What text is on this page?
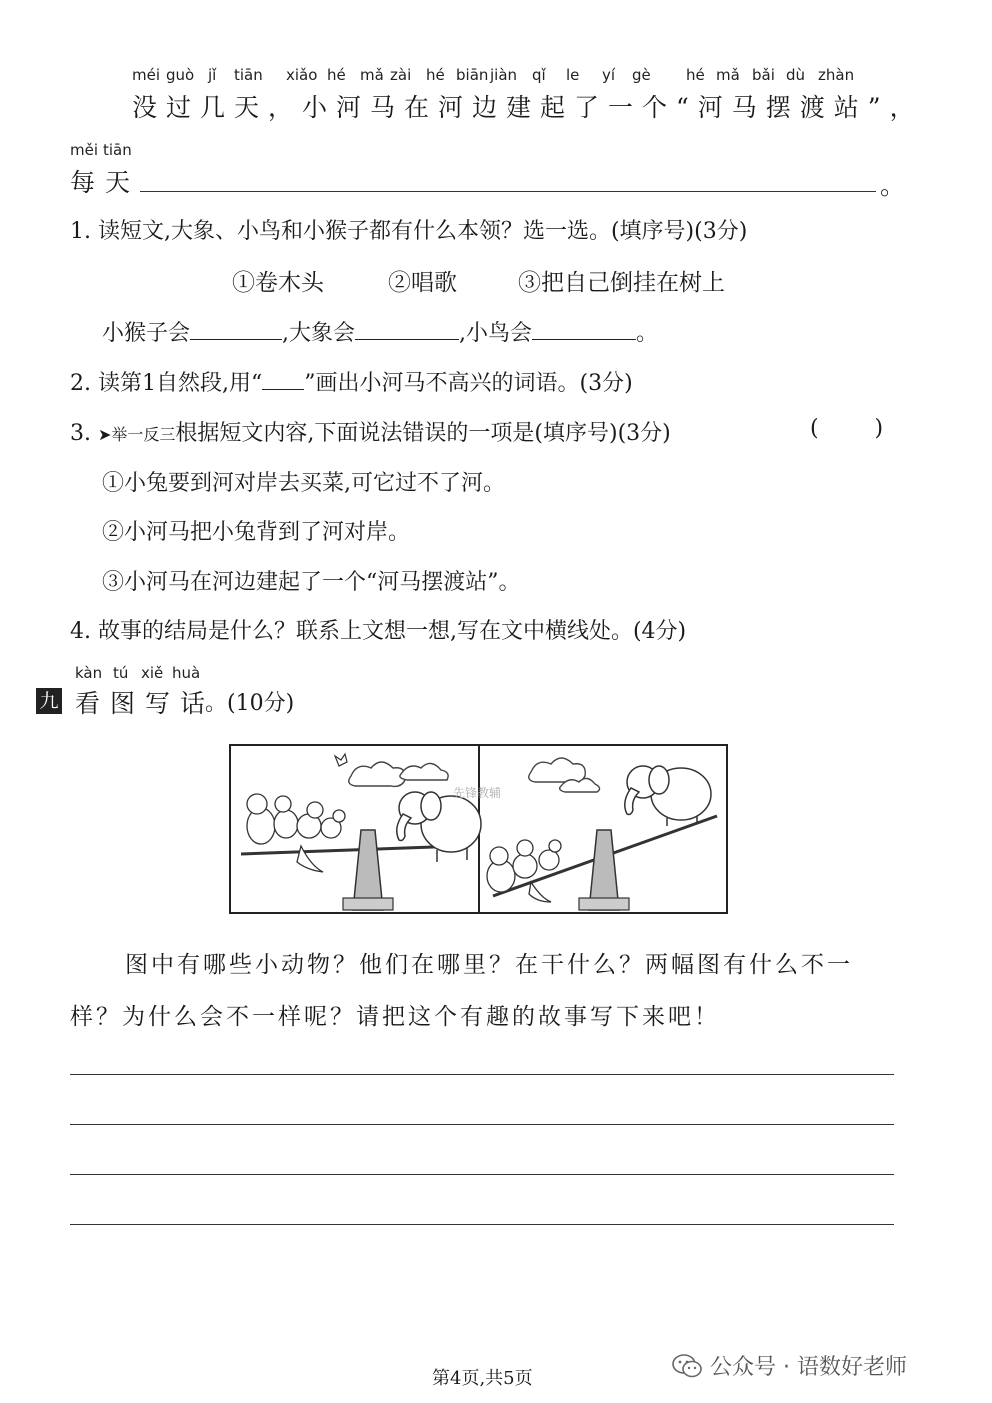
méi guò jǐ tiān xiǎo hé mǎ zài hé biān jiàn qǐ le yí gè hé mǎ bǎi dù zhàn
没过几天，小河马在河边建起了一个“河马摆渡站”，
měi tiān
每天	。
1. 读短文,大象、小鸟和小猴子都有什么本领？选一选。(填序号)(3分)
①卷木头	②唱歌	③把自己倒挂在树上
小猴子会	,大象会	,小鸟会	。
2. 读第1自然段,用“ ”画出小河马不高兴的词语。(3分)
3. ➤举一反三根据短文内容,下面说法错误的一项是(填序号)(3分)	(        )
①小兔要到河对岸去买菜,可它过不了河。
②小河马把小兔背到了河对岸。
③小河马在河边建起了一个“河马摆渡站”。
4. 故事的结局是什么？联系上文想一想,写在文中横线处。(4分)
kàn tú xiě huà
九 看图写话
。(10分)
先锋教辅
图中有哪些小动物？他们在哪里？在干什么？两幅图有什么不一
样？为什么会不一样呢？请把这个有趣的故事写下来吧！
第4页,共5页	公众号 · 语数好老师
